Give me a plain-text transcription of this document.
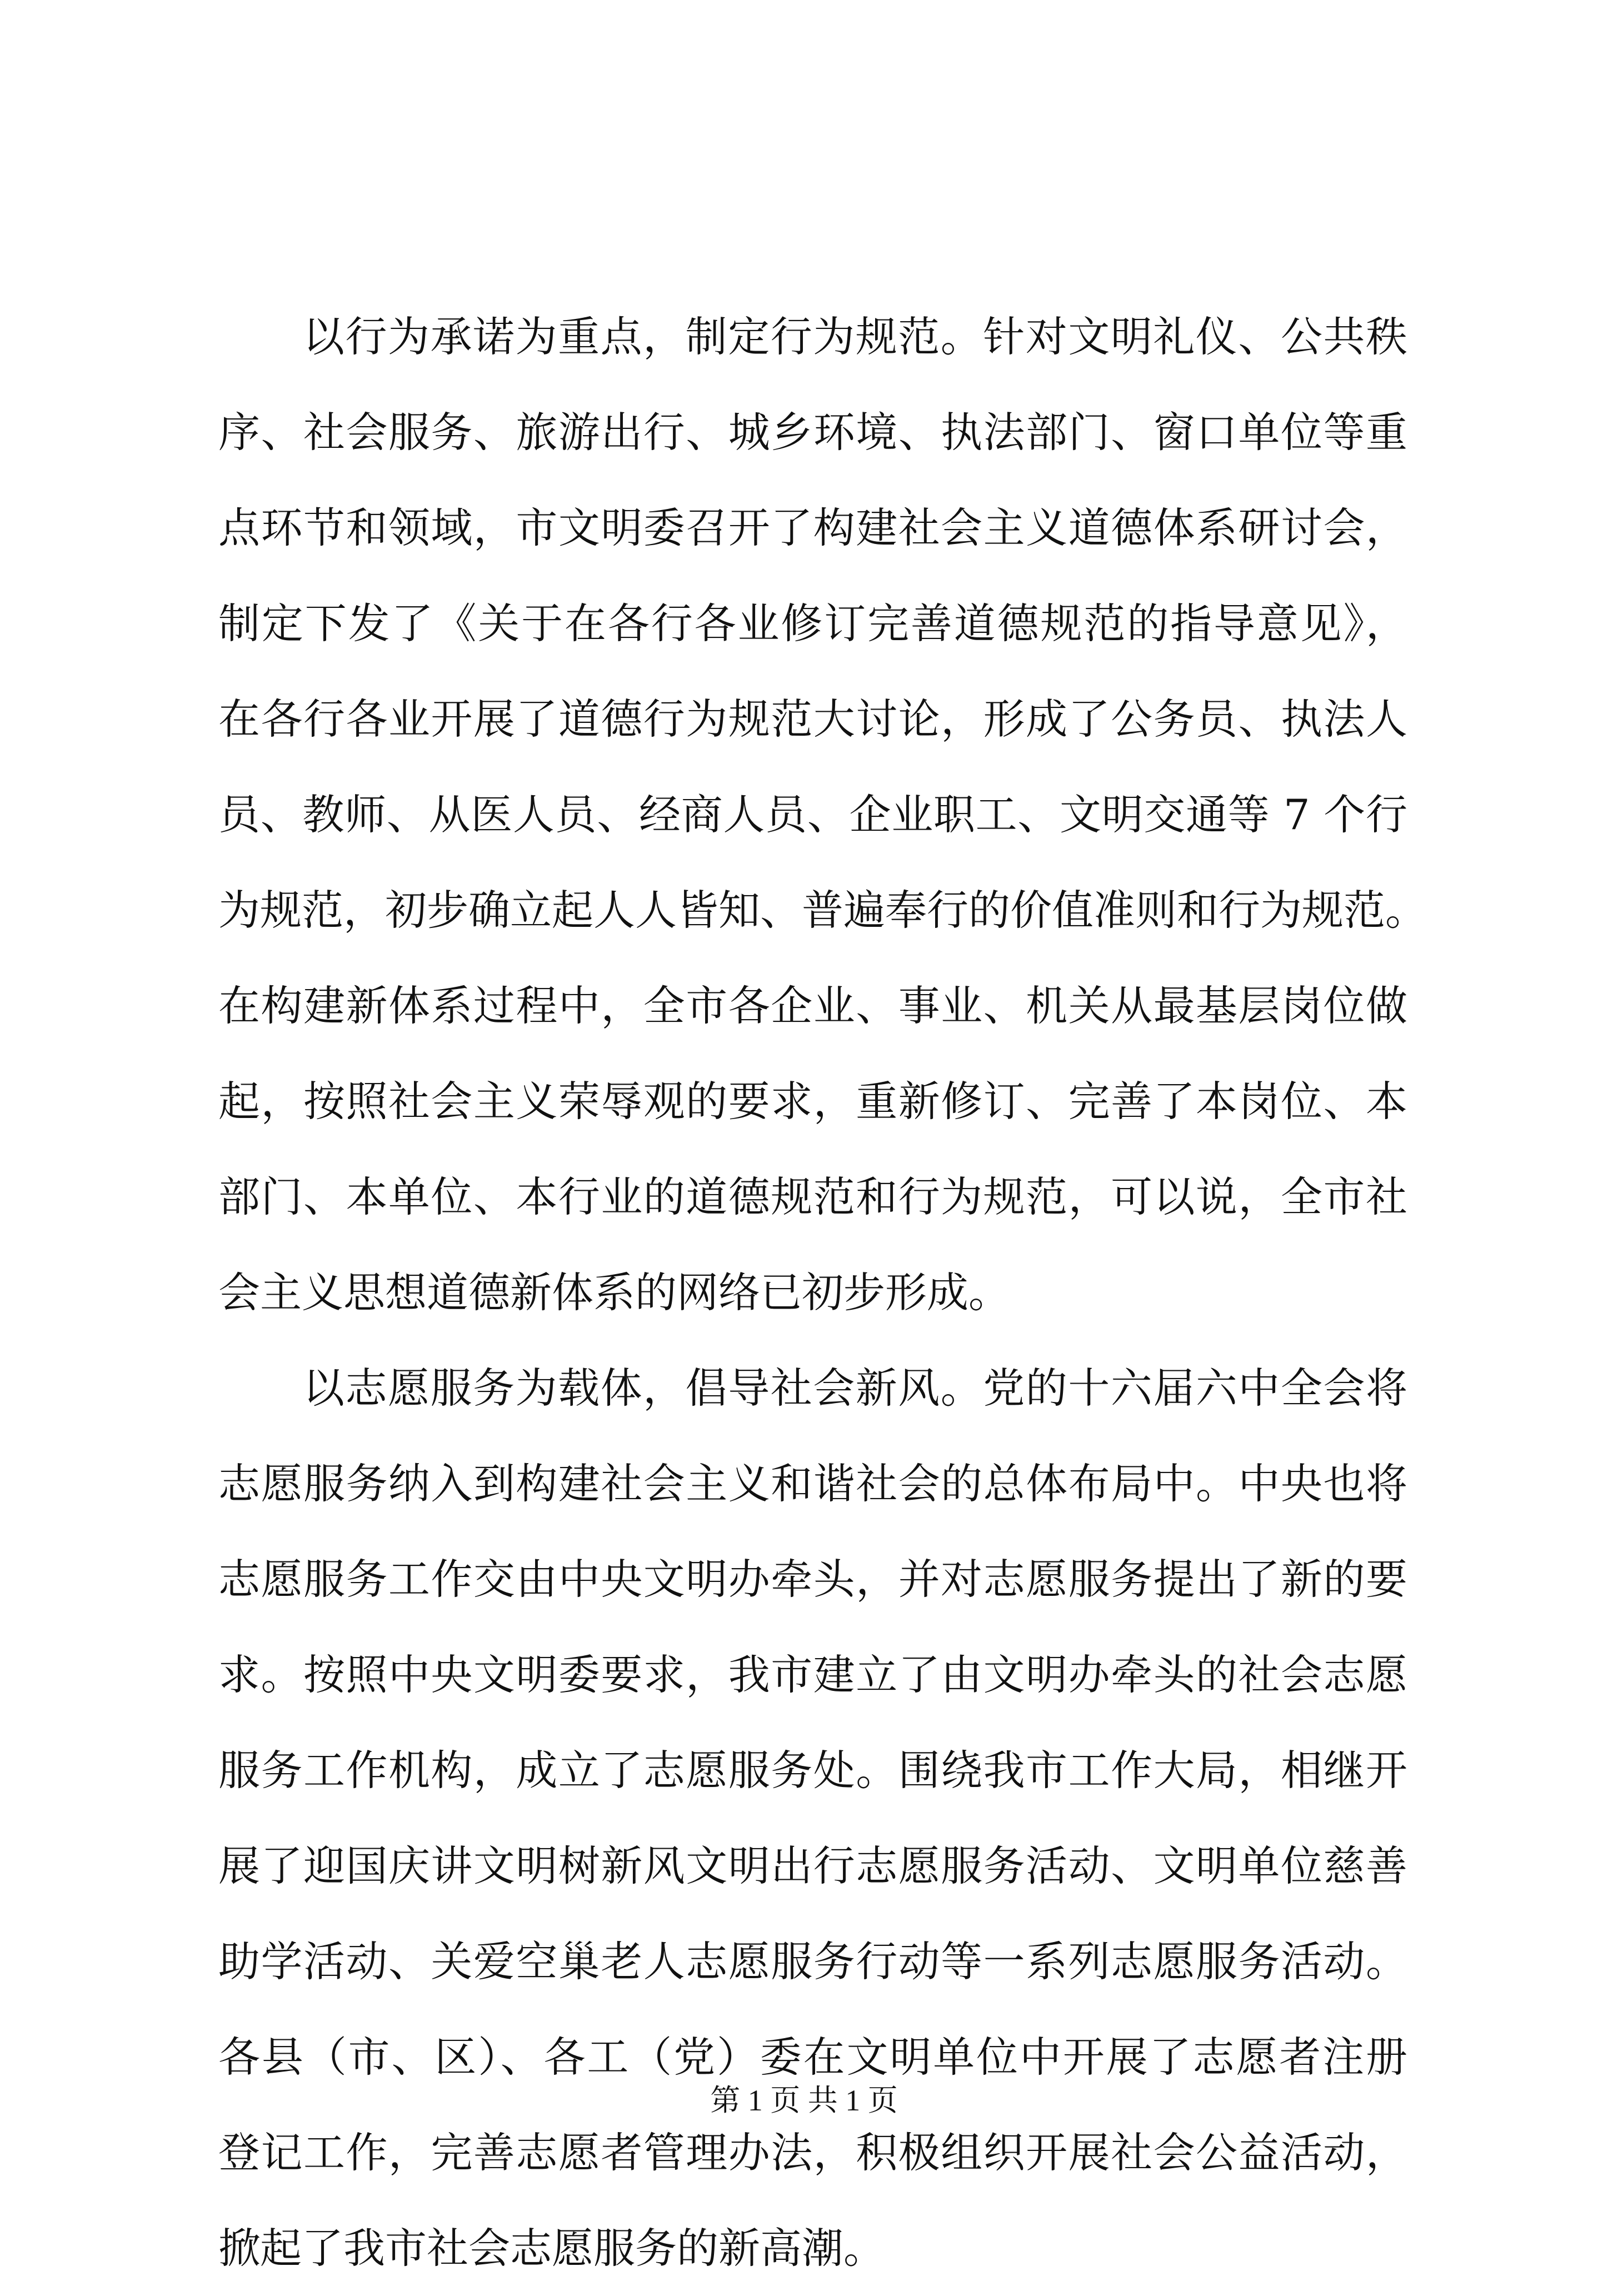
以行为承诺为重点，制定行为规范。针对文明礼仪、公共秩
序、社会服务、旅游出行、城乡环境、执法部门、窗口单位等重
点环节和领域，市文明委召开了构建社会主义道德体系研讨会，
制定下发了《关于在各行各业修订完善道德规范的指导意见》，
在各行各业开展了道德行为规范大讨论，形成了公务员、执法人
员、教师、从医人员、经商人员、企业职工、文明交通等 7 个行
为规范，初步确立起人人皆知、普遍奉行的价值准则和行为规范。
在构建新体系过程中，全市各企业、事业、机关从最基层岗位做
起，按照社会主义荣辱观的要求，重新修订、完善了本岗位、本
部门、本单位、本行业的道德规范和行为规范，可以说，全市社
会主义思想道德新体系的网络已初步形成。
以志愿服务为载体，倡导社会新风。党的十六届六中全会将
志愿服务纳入到构建社会主义和谐社会的总体布局中。中央也将
志愿服务工作交由中央文明办牵头，并对志愿服务提出了新的要
求。按照中央文明委要求，我市建立了由文明办牵头的社会志愿
服务工作机构，成立了志愿服务处。围绕我市工作大局，相继开
展了迎国庆讲文明树新风文明出行志愿服务活动、文明单位慈善
助学活动、关爱空巢老人志愿服务行动等一系列志愿服务活动。
各县（市、区）、各工（党）委在文明单位中开展了志愿者注册
登记工作，完善志愿者管理办法，积极组织开展社会公益活动，
掀起了我市社会志愿服务的新高潮。
第 1 页 共 1 页
